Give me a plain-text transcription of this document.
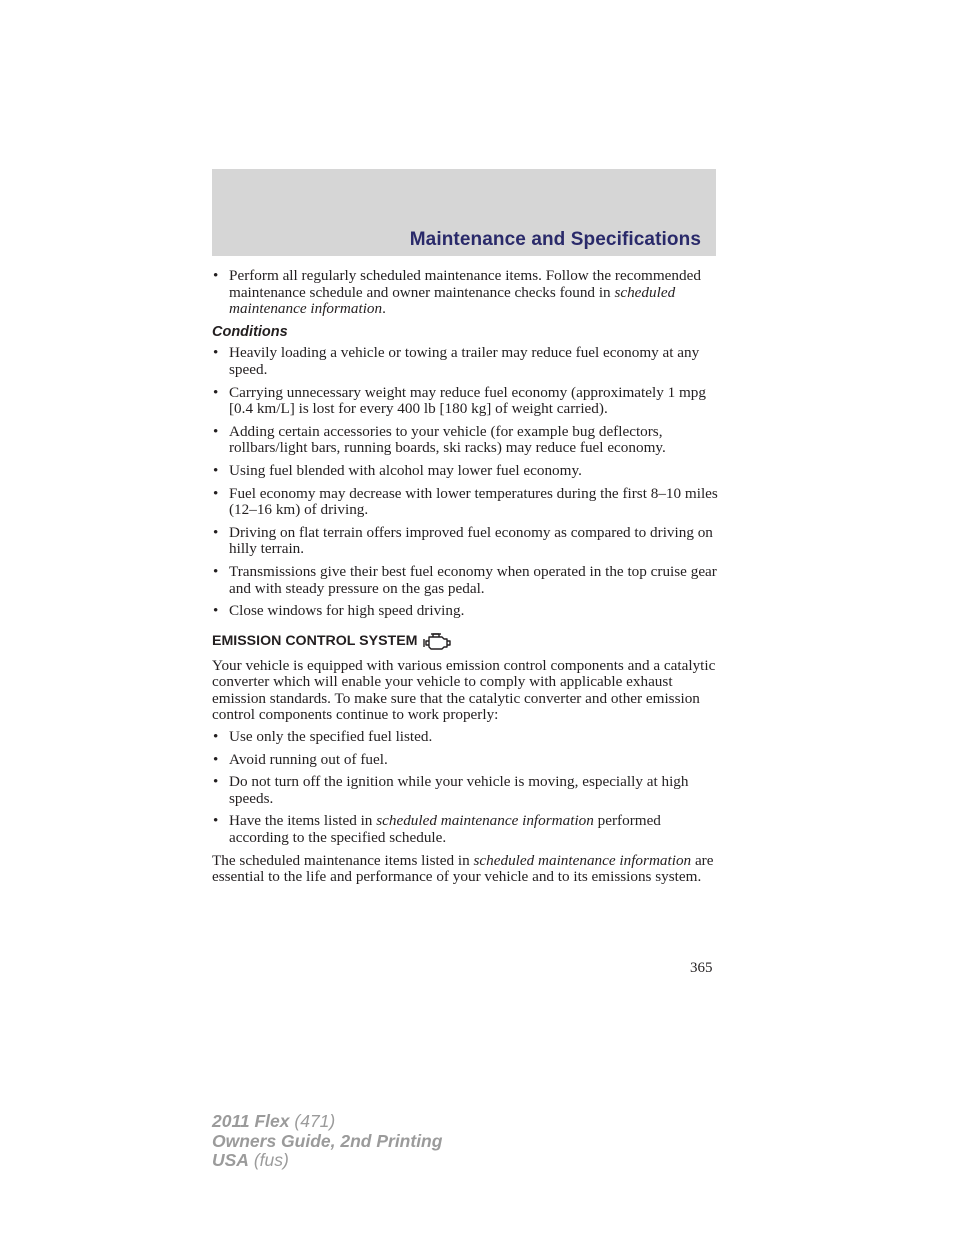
Maintenance and Specifications
• Perform all regularly scheduled maintenance items. Follow the recommended maintenance schedule and owner maintenance checks found in scheduled maintenance information.
Conditions
• Heavily loading a vehicle or towing a trailer may reduce fuel economy at any speed.
• Carrying unnecessary weight may reduce fuel economy (approximately 1 mpg [0.4 km/L] is lost for every 400 lb [180 kg] of weight carried).
• Adding certain accessories to your vehicle (for example bug deflectors, rollbars/light bars, running boards, ski racks) may reduce fuel economy.
• Using fuel blended with alcohol may lower fuel economy.
• Fuel economy may decrease with lower temperatures during the first 8–10 miles (12–16 km) of driving.
• Driving on flat terrain offers improved fuel economy as compared to driving on hilly terrain.
• Transmissions give their best fuel economy when operated in the top cruise gear and with steady pressure on the gas pedal.
• Close windows for high speed driving.
EMISSION CONTROL SYSTEM

Your vehicle is equipped with various emission control components and a catalytic converter which will enable your vehicle to comply with applicable exhaust emission standards. To make sure that the catalytic converter and other emission control components continue to work properly:

• Use only the specified fuel listed.
• Avoid running out of fuel.
• Do not turn off the ignition while your vehicle is moving, especially at high speeds.
• Have the items listed in scheduled maintenance information performed according to the specified schedule.

The scheduled maintenance items listed in scheduled maintenance information are essential to the life and performance of your vehicle and to its emissions system.

365
2011 Flex (471)
Owners Guide, 2nd Printing
USA (fus)
